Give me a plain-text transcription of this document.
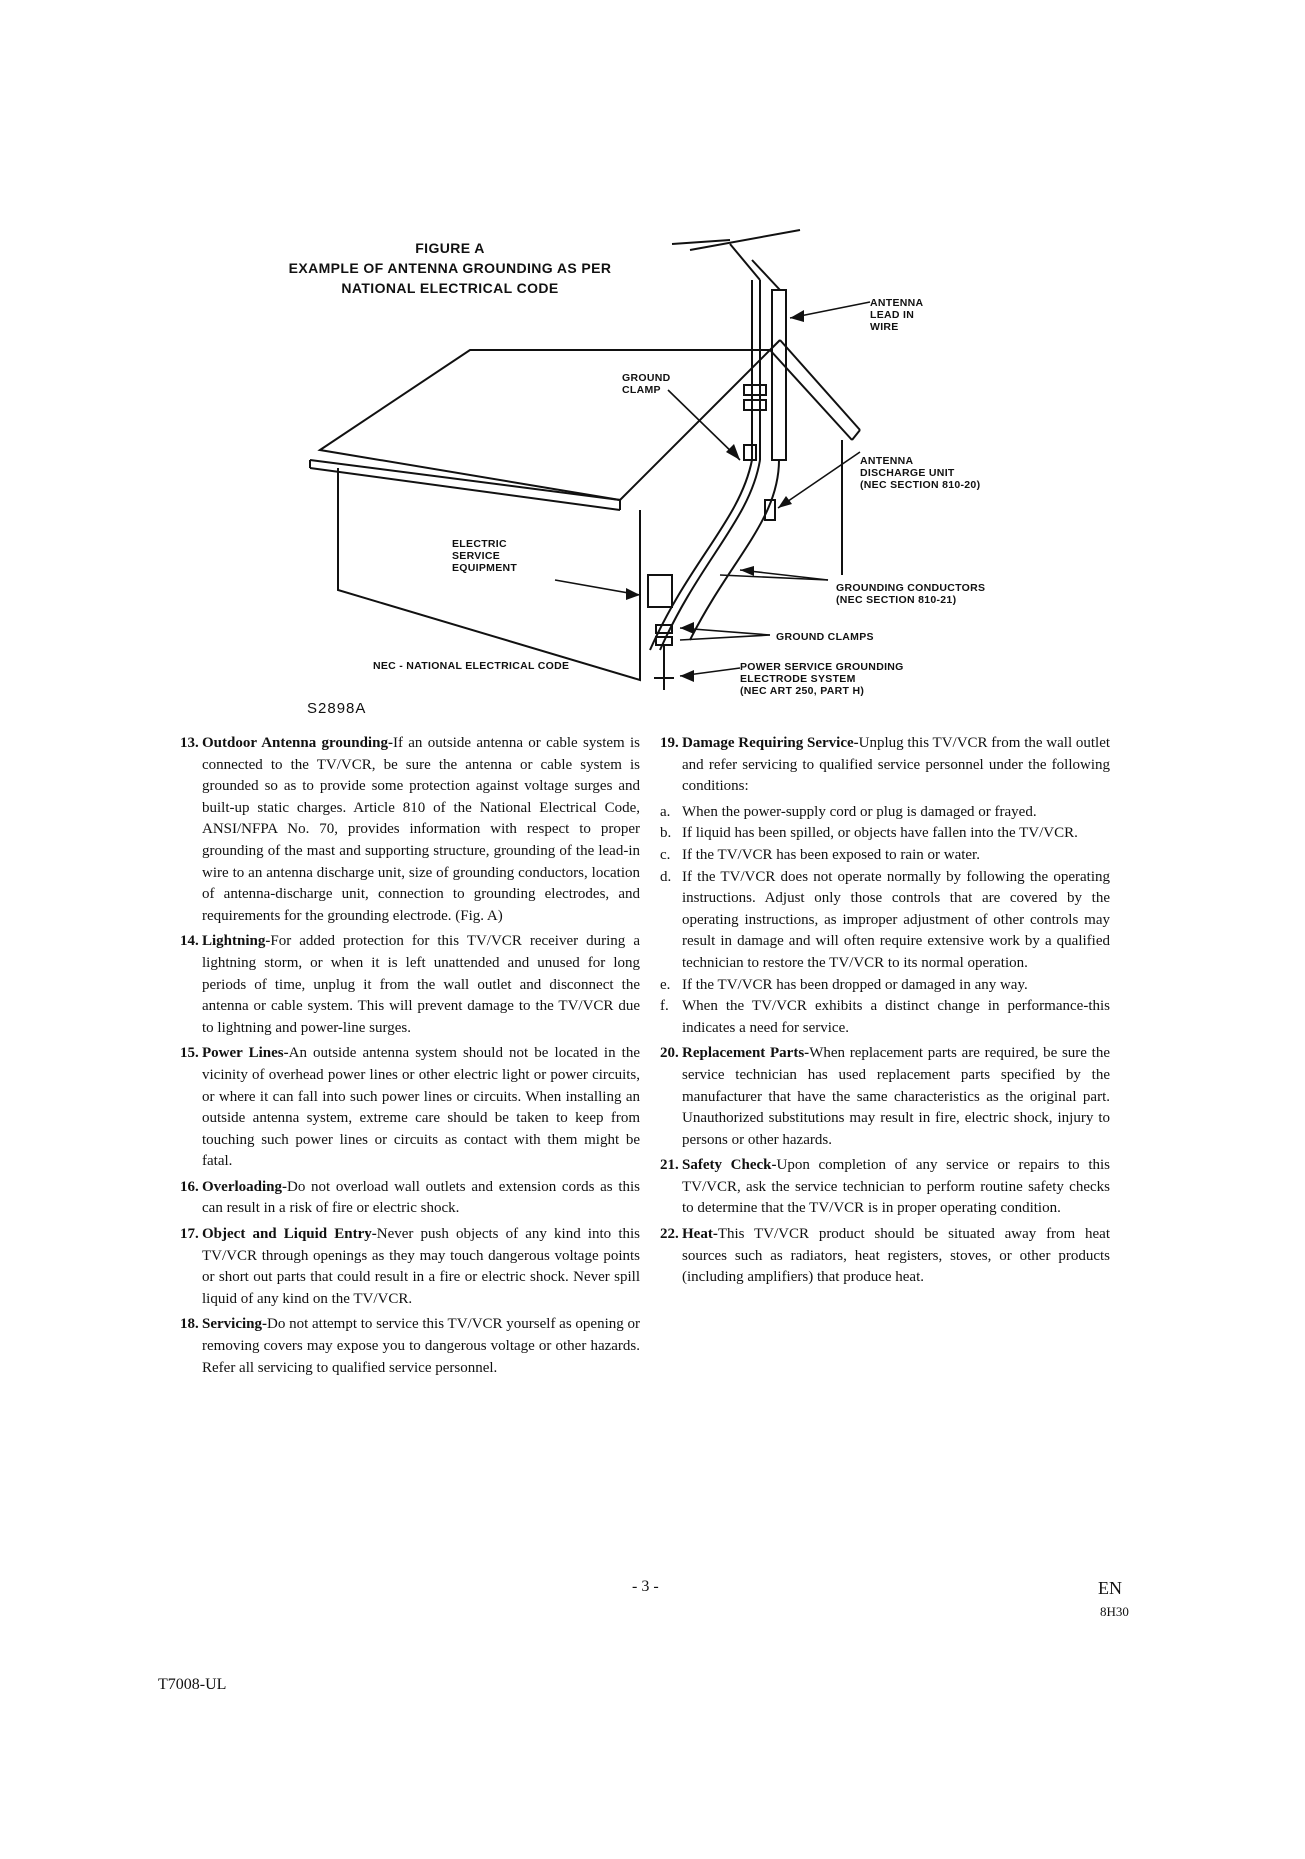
FIGURE A
EXAMPLE OF ANTENNA GROUNDING AS PER
NATIONAL ELECTRICAL CODE
ANTENNA
LEAD IN
WIRE
GROUND
CLAMP
ANTENNA
DISCHARGE UNIT
(NEC SECTION 810-20)
ELECTRIC
SERVICE
EQUIPMENT
GROUNDING CONDUCTORS
(NEC SECTION 810-21)
GROUND CLAMPS
NEC - NATIONAL ELECTRICAL CODE	POWER SERVICE GROUNDING
ELECTRODE SYSTEM
(NEC ART 250, PART H)
S2898A
13. Outdoor Antenna grounding-If an outside antenna or cable system is connected to the TV/VCR, be sure the antenna or cable system is grounded so as to provide some protection against voltage surges and built-up static charges. Article 810 of the National Electrical Code, ANSI/NFPA No. 70, provides information with respect to proper grounding of the mast and supporting structure, grounding of the lead-in wire to an antenna discharge unit, size of grounding conductors, location of antenna-discharge unit, connection to grounding electrodes, and requirements for the grounding electrode. (Fig. A)
14. Lightning-For added protection for this TV/VCR receiver during a lightning storm, or when it is left unattended and unused for long periods of time, unplug it from the wall outlet and disconnect the antenna or cable system. This will prevent damage to the TV/VCR due to lightning and power-line surges.
15. Power Lines-An outside antenna system should not be located in the vicinity of overhead power lines or other electric light or power circuits, or where it can fall into such power lines or circuits. When installing an outside antenna system, extreme care should be taken to keep from touching such power lines or circuits as contact with them might be fatal.
16. Overloading-Do not overload wall outlets and extension cords as this can result in a risk of fire or electric shock.
17. Object and Liquid Entry-Never push objects of any kind into this TV/VCR through openings as they may touch dangerous voltage points or short out parts that could result in a fire or electric shock. Never spill liquid of any kind on the TV/VCR.
18. Servicing-Do not attempt to service this TV/VCR yourself as opening or removing covers may expose you to dangerous voltage or other hazards. Refer all servicing to qualified service personnel.
19. Damage Requiring Service-Unplug this TV/VCR from the wall outlet and refer servicing to qualified service personnel under the following conditions:
a. When the power-supply cord or plug is damaged or frayed.
b. If liquid has been spilled, or objects have fallen into the TV/VCR.
c. If the TV/VCR has been exposed to rain or water.
d. If the TV/VCR does not operate normally by following the operating instructions. Adjust only those controls that are covered by the operating instructions, as improper adjustment of other controls may result in damage and will often require extensive work by a qualified technician to restore the TV/VCR to its normal operation.
e. If the TV/VCR has been dropped or damaged in any way.
f. When the TV/VCR exhibits a distinct change in performance-this indicates a need for service.
20. Replacement Parts-When replacement parts are required, be sure the service technician has used replacement parts specified by the manufacturer that have the same characteristics as the original part. Unauthorized substitutions may result in fire, electric shock, injury to persons or other hazards.
21. Safety Check-Upon completion of any service or repairs to this TV/VCR, ask the service technician to perform routine safety checks to determine that the TV/VCR is in proper operating condition.
22. Heat-This TV/VCR product should be situated away from heat sources such as radiators, heat registers, stoves, or other products (including amplifiers) that produce heat.
- 3 -	EN
8H30
T7008-UL
